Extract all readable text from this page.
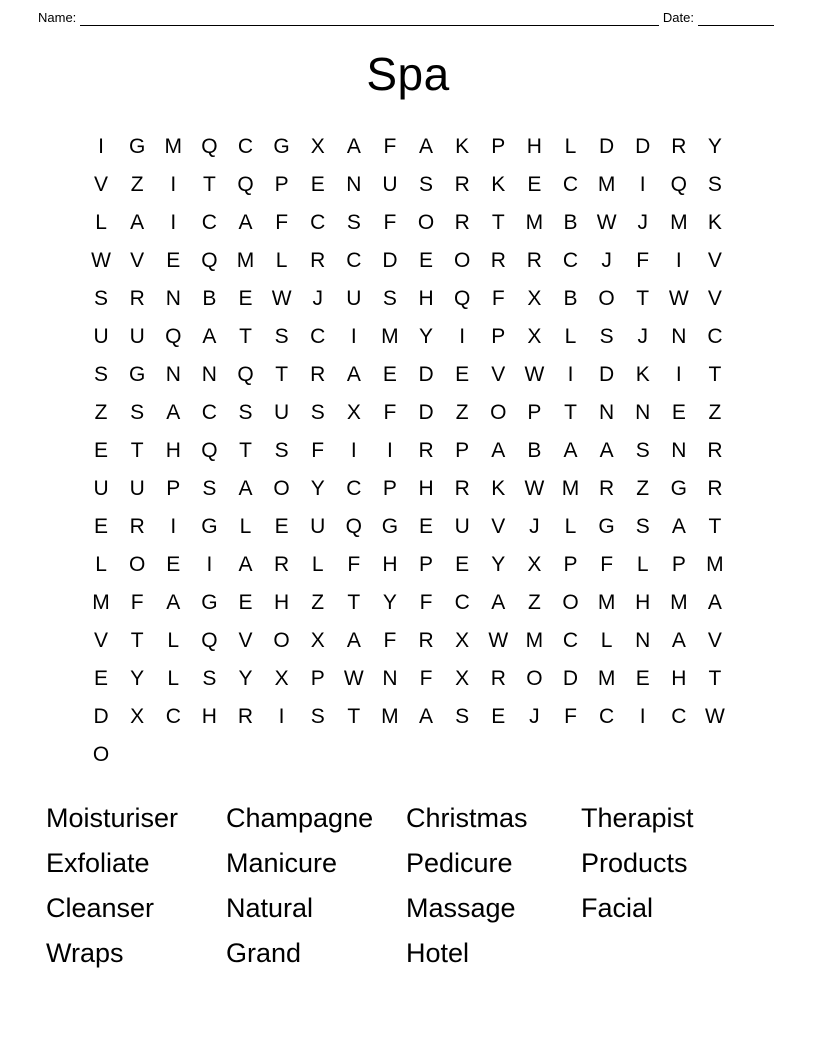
Name:	Date:
Spa
I	G M Q C G X	A	F	A	K	P	H	L	D D R	Y
V	Z	I	T	Q P	E	N U	S	R	K	E	C M	I	Q S
L	A	I	C	A	F	C	S	F	O R	T M B W J	M K
W V	E Q M	L	R C D	E O R R C	J	F	I	V
S	R N	B	E W J	U	S	H Q	F	X	B O	T W V
U U Q A	T	S	C	I	M Y	I	P	X	L	S	J	N C
S G N N Q	T	R	A	E	D	E	V W	I	D	K	I	T
Z	S	A	C	S	U	S	X	F	D	Z	O P	T	N N	E	Z
E	T	H Q	T	S	F	I	I	R	P	A	B	A	A	S	N R
U U	P	S	A O Y	C	P	H R	K W M R	Z	G R
E	R	I	G	L	E	U Q G E	U	V	J	L	G S	A	T
L	O E	I	A	R	L	F	H	P	E	Y	X	P	F	L	P M
M F	A G E	H	Z	T	Y	F	C	A	Z	O M H M A
V	T	L	Q V O X	A	F	R	X W M C	L	N	A	V
E	Y	L	S	Y	X	P W N	F	X	R O D M E	H	T
D	X	C H R	I	S	T M A	S	E	J	F	C	I	C W
O
Moisturiser	Champagne	Christmas	Therapist
Exfoliate	Manicure	Pedicure	Products
Cleanser	Natural	Massage	Facial
Wraps	Grand	Hotel
